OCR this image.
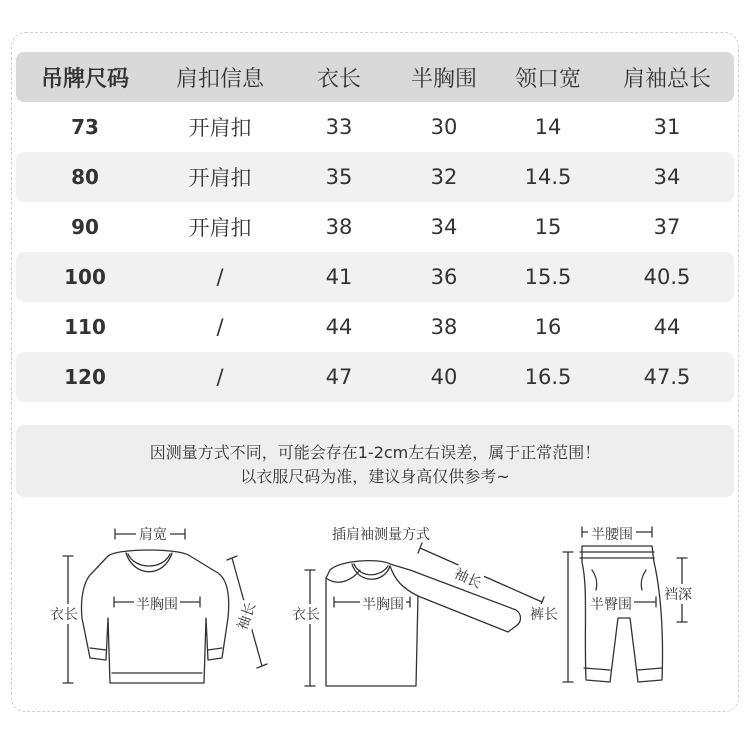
吊牌尺码	肩扣信息	衣长	半胸围	领口宽	肩袖总长
73	开肩扣	33	30	14	31
80	开肩扣	35	32	14.5	34
90	开肩扣	38	34	15	37
100	/	41	36	15.5	40.5
110	/	44	38	16	44
120	/	47	40	16.5	47.5
因测量方式不同，可能会存在1-2cm左右误差，属于正常范围！
以衣服尺码为准，建议身高仅供参考~
肩宽
衣长
半胸围	袖长
插肩袖测量方式
衣长
半胸围
袖长
半腰围
裤长
半臀围
裆深
